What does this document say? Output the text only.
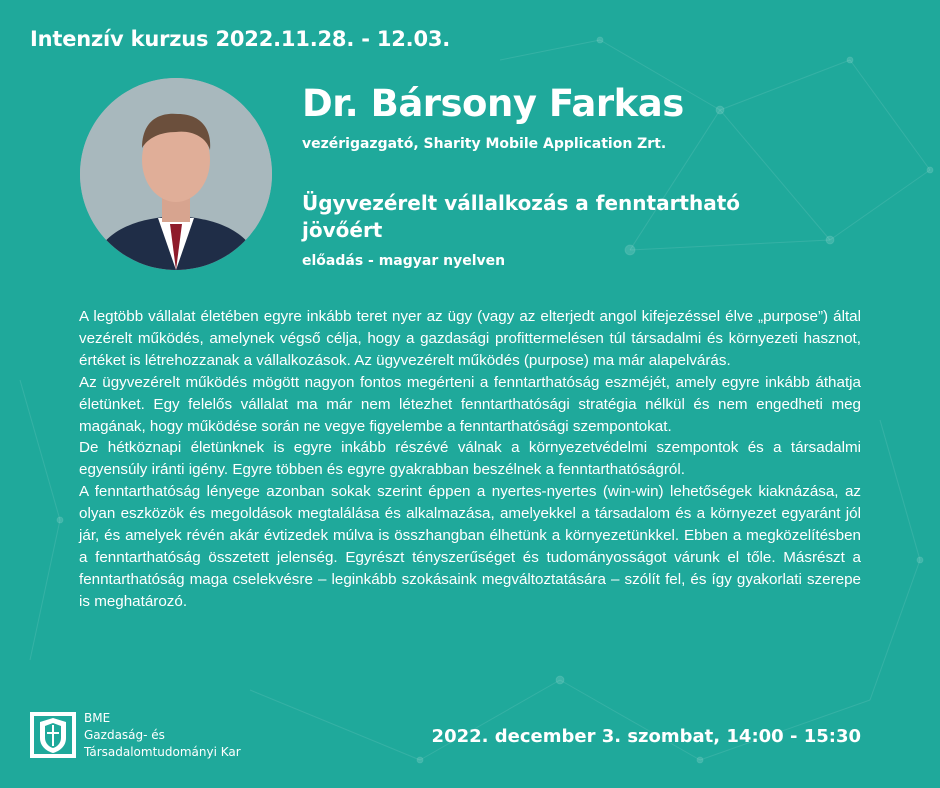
Intenzív kurzus 2022.11.28. - 12.03.
Dr. Bársony Farkas
vezérigazgató, Sharity Mobile Application Zrt.
Ügyvezérelt vállalkozás a fenntartható jövőért
előadás - magyar nyelven

A legtöbb vállalat életében egyre inkább teret nyer az ügy (vagy az elterjedt angol kifejezéssel élve „purpose”) által vezérelt működés, amelynek végső célja, hogy a gazdasági profittermelésen túl társadalmi és környezeti hasznot, értéket is létrehozzanak a vállalkozások. Az ügyvezérelt működés (purpose) ma már alapelvárás.

Az ügyvezérelt működés mögött nagyon fontos megérteni a fenntarthatóság eszméjét, amely egyre inkább áthatja életünket. Egy felelős vállalat ma már nem létezhet fenntarthatósági stratégia nélkül és nem engedheti meg magának, hogy működése során ne vegye figyelembe a fenntarthatósági szempontokat.

De hétköznapi életünknek is egyre inkább részévé válnak a környezetvédelmi szempontok és a társadalmi egyensúly iránti igény. Egyre többen és egyre gyakrabban beszélnek a fenntarthatóságról.

A fenntarthatóság lényege azonban sokak szerint éppen a nyertes-nyertes (win-win) lehetőségek kiaknázása, az olyan eszközök és megoldások megtalálása és alkalmazása, amelyekkel a társadalom és a környezet egyaránt jól jár, és amelyek révén akár évtizedek múlva is összhangban élhetünk a környezetünkkel. Ebben a megközelítésben a fenntarthatóság összetett jelenség. Egyrészt tényszerűséget és tudományosságot várunk el tőle. Másrészt a fenntarthatóság maga cselekvésre – leginkább szokásaink megváltoztatására – szólít fel, és így gyakorlati szerepe is meghatározó.

BME
Gazdaság- és
Társadalomtudományi Kar
2022. december 3. szombat, 14:00 - 15:30
